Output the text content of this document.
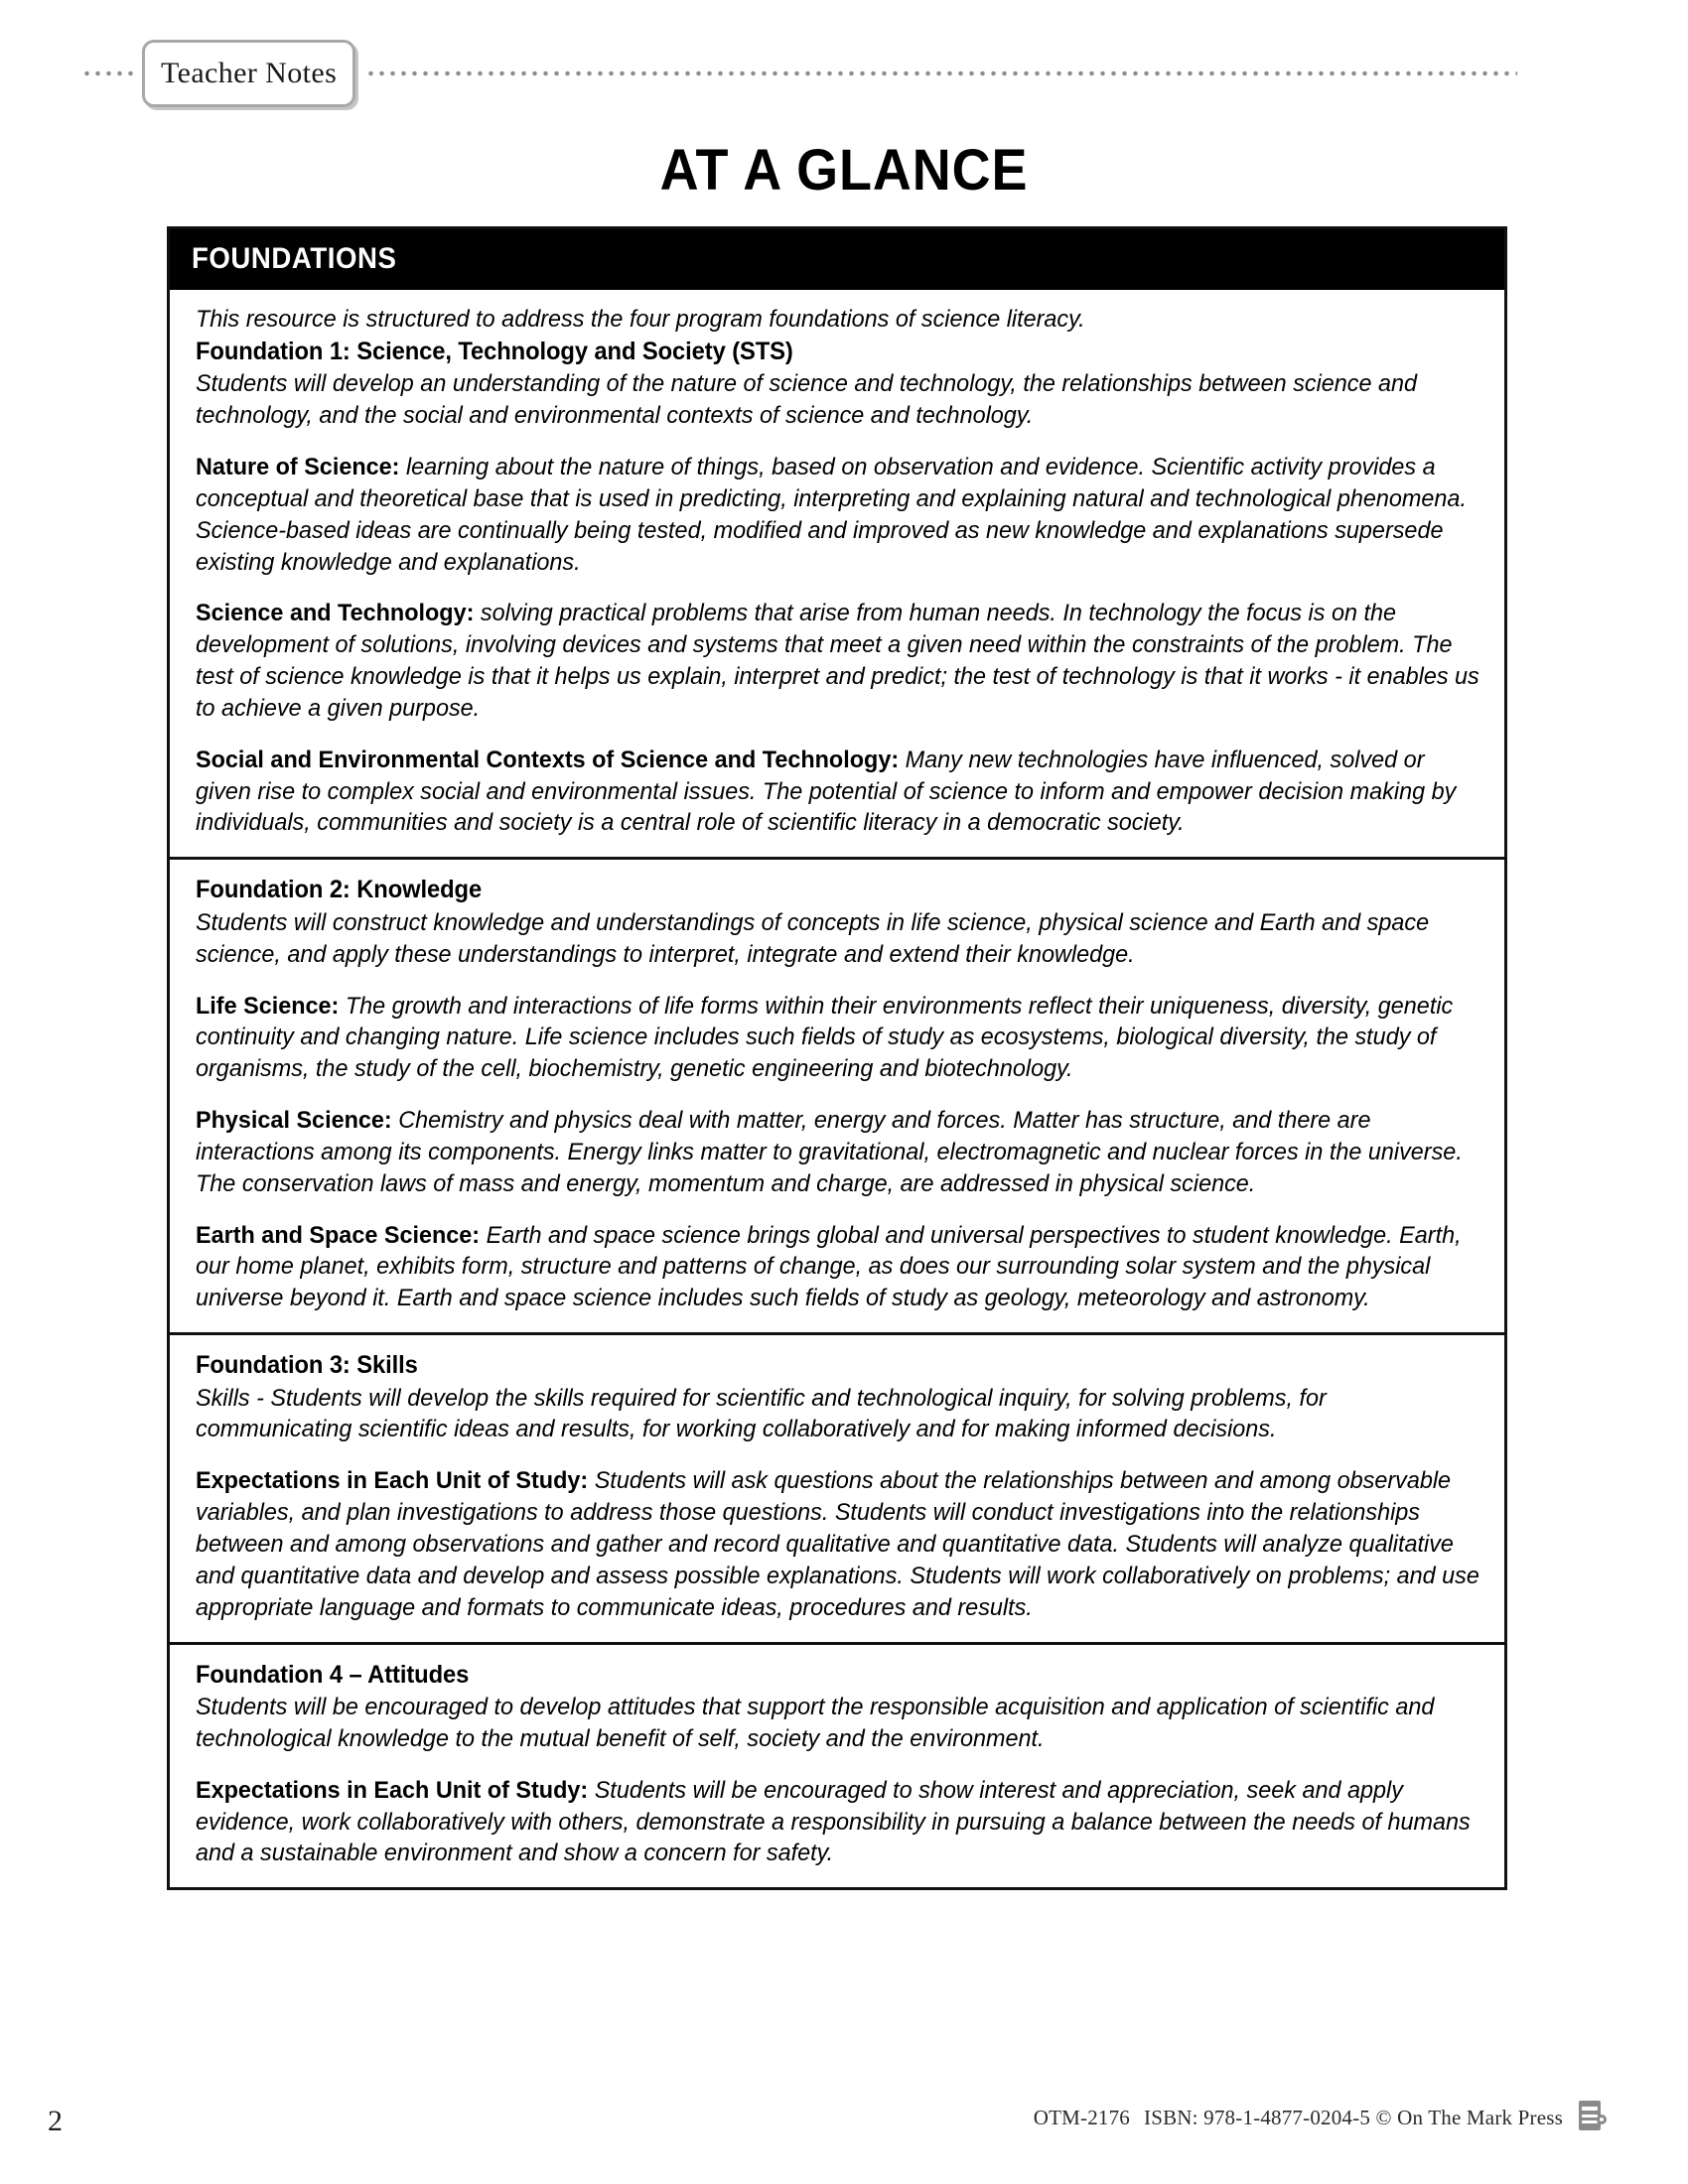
Teacher Notes
AT A GLANCE
FOUNDATIONS

This resource is structured to address the four program foundations of science literacy.

Foundation 1: Science, Technology and Society (STS)

Students will develop an understanding of the nature of science and technology, the relationships between science and technology, and the social and environmental contexts of science and technology.

Nature of Science: learning about the nature of things, based on observation and evidence. Scientific activity provides a conceptual and theoretical base that is used in predicting, interpreting and explaining natural and technological phenomena. Science-based ideas are continually being tested, modified and improved as new knowledge and explanations supersede existing knowledge and explanations.

Science and Technology: solving practical problems that arise from human needs. In technology the focus is on the development of solutions, involving devices and systems that meet a given need within the constraints of the problem. The test of science knowledge is that it helps us explain, interpret and predict; the test of technology is that it works - it enables us to achieve a given purpose.

Social and Environmental Contexts of Science and Technology: Many new technologies have influenced, solved or given rise to complex social and environmental issues. The potential of science to inform and empower decision making by individuals, communities and society is a central role of scientific literacy in a democratic society.

Foundation 2: Knowledge

Students will construct knowledge and understandings of concepts in life science, physical science and Earth and space science, and apply these understandings to interpret, integrate and extend their knowledge.

Life Science: The growth and interactions of life forms within their environments reflect their uniqueness, diversity, genetic continuity and changing nature. Life science includes such fields of study as ecosystems, biological diversity, the study of organisms, the study of the cell, biochemistry, genetic engineering and biotechnology.

Physical Science: Chemistry and physics deal with matter, energy and forces. Matter has structure, and there are interactions among its components. Energy links matter to gravitational, electromagnetic and nuclear forces in the universe. The conservation laws of mass and energy, momentum and charge, are addressed in physical science.

Earth and Space Science: Earth and space science brings global and universal perspectives to student knowledge. Earth, our home planet, exhibits form, structure and patterns of change, as does our surrounding solar system and the physical universe beyond it. Earth and space science includes such fields of study as geology, meteorology and astronomy.

Foundation 3: Skills

Skills - Students will develop the skills required for scientific and technological inquiry, for solving problems, for communicating scientific ideas and results, for working collaboratively and for making informed decisions.

Expectations in Each Unit of Study: Students will ask questions about the relationships between and among observable variables, and plan investigations to address those questions. Students will conduct investigations into the relationships between and among observations and gather and record qualitative and quantitative data. Students will analyze qualitative and quantitative data and develop and assess possible explanations. Students will work collaboratively on problems; and use appropriate language and formats to communicate ideas, procedures and results.

Foundation 4 – Attitudes

Students will be encouraged to develop attitudes that support the responsible acquisition and application of scientific and technological knowledge to the mutual benefit of self, society and the environment.

Expectations in Each Unit of Study: Students will be encouraged to show interest and appreciation, seek and apply evidence, work collaboratively with others, demonstrate a responsibility in pursuing a balance between the needs of humans and a sustainable environment and show a concern for safety.

2	OTM-2176 ISBN: 978-1-4877-0204-5 © On The Mark Press
